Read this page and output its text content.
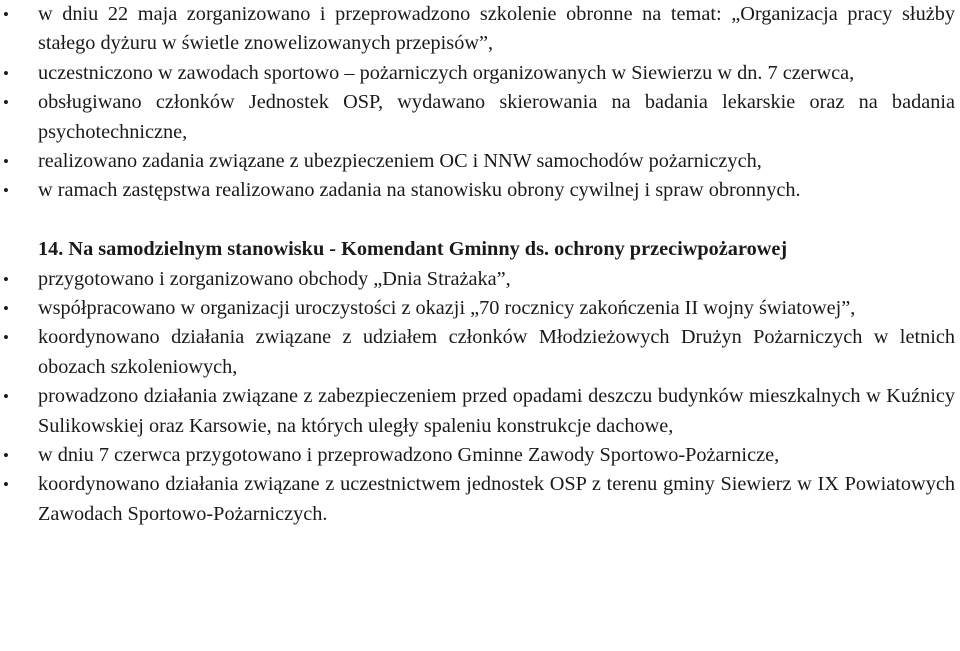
• w dniu 22 maja zorganizowano i przeprowadzono szkolenie obronne na temat: „Organizacja pracy służby stałego dyżuru w świetle znowelizowanych przepisów”,
• uczestniczono w zawodach sportowo – pożarniczych organizowanych w Siewierzu w dn. 7 czerwca,
• obsługiwano członków Jednostek OSP, wydawano skierowania na badania lekarskie oraz na badania psychotechniczne,
• realizowano zadania związane z ubezpieczeniem OC i NNW samochodów pożarniczych,
• w ramach zastępstwa realizowano zadania na stanowisku obrony cywilnej i spraw obronnych.
14. Na samodzielnym stanowisku - Komendant Gminny ds. ochrony przeciwpożarowej
• przygotowano i zorganizowano obchody „Dnia Strażaka”,
• współpracowano w organizacji uroczystości z okazji „70 rocznicy zakończenia II wojny światowej”,
• koordynowano działania związane z udziałem członków Młodzieżowych Drużyn Pożarniczych w letnich obozach szkoleniowych,
• prowadzono działania związane z zabezpieczeniem przed opadami deszczu budynków mieszkalnych w Kuźnicy Sulikowskiej oraz Karsowie, na których uległy spaleniu konstrukcje dachowe,
• w dniu 7 czerwca przygotowano i przeprowadzono Gminne Zawody Sportowo-Pożarnicze,
• koordynowano działania związane z uczestnictwem jednostek OSP z terenu gminy Siewierz w IX Powiatowych Zawodach Sportowo-Pożarniczych.
